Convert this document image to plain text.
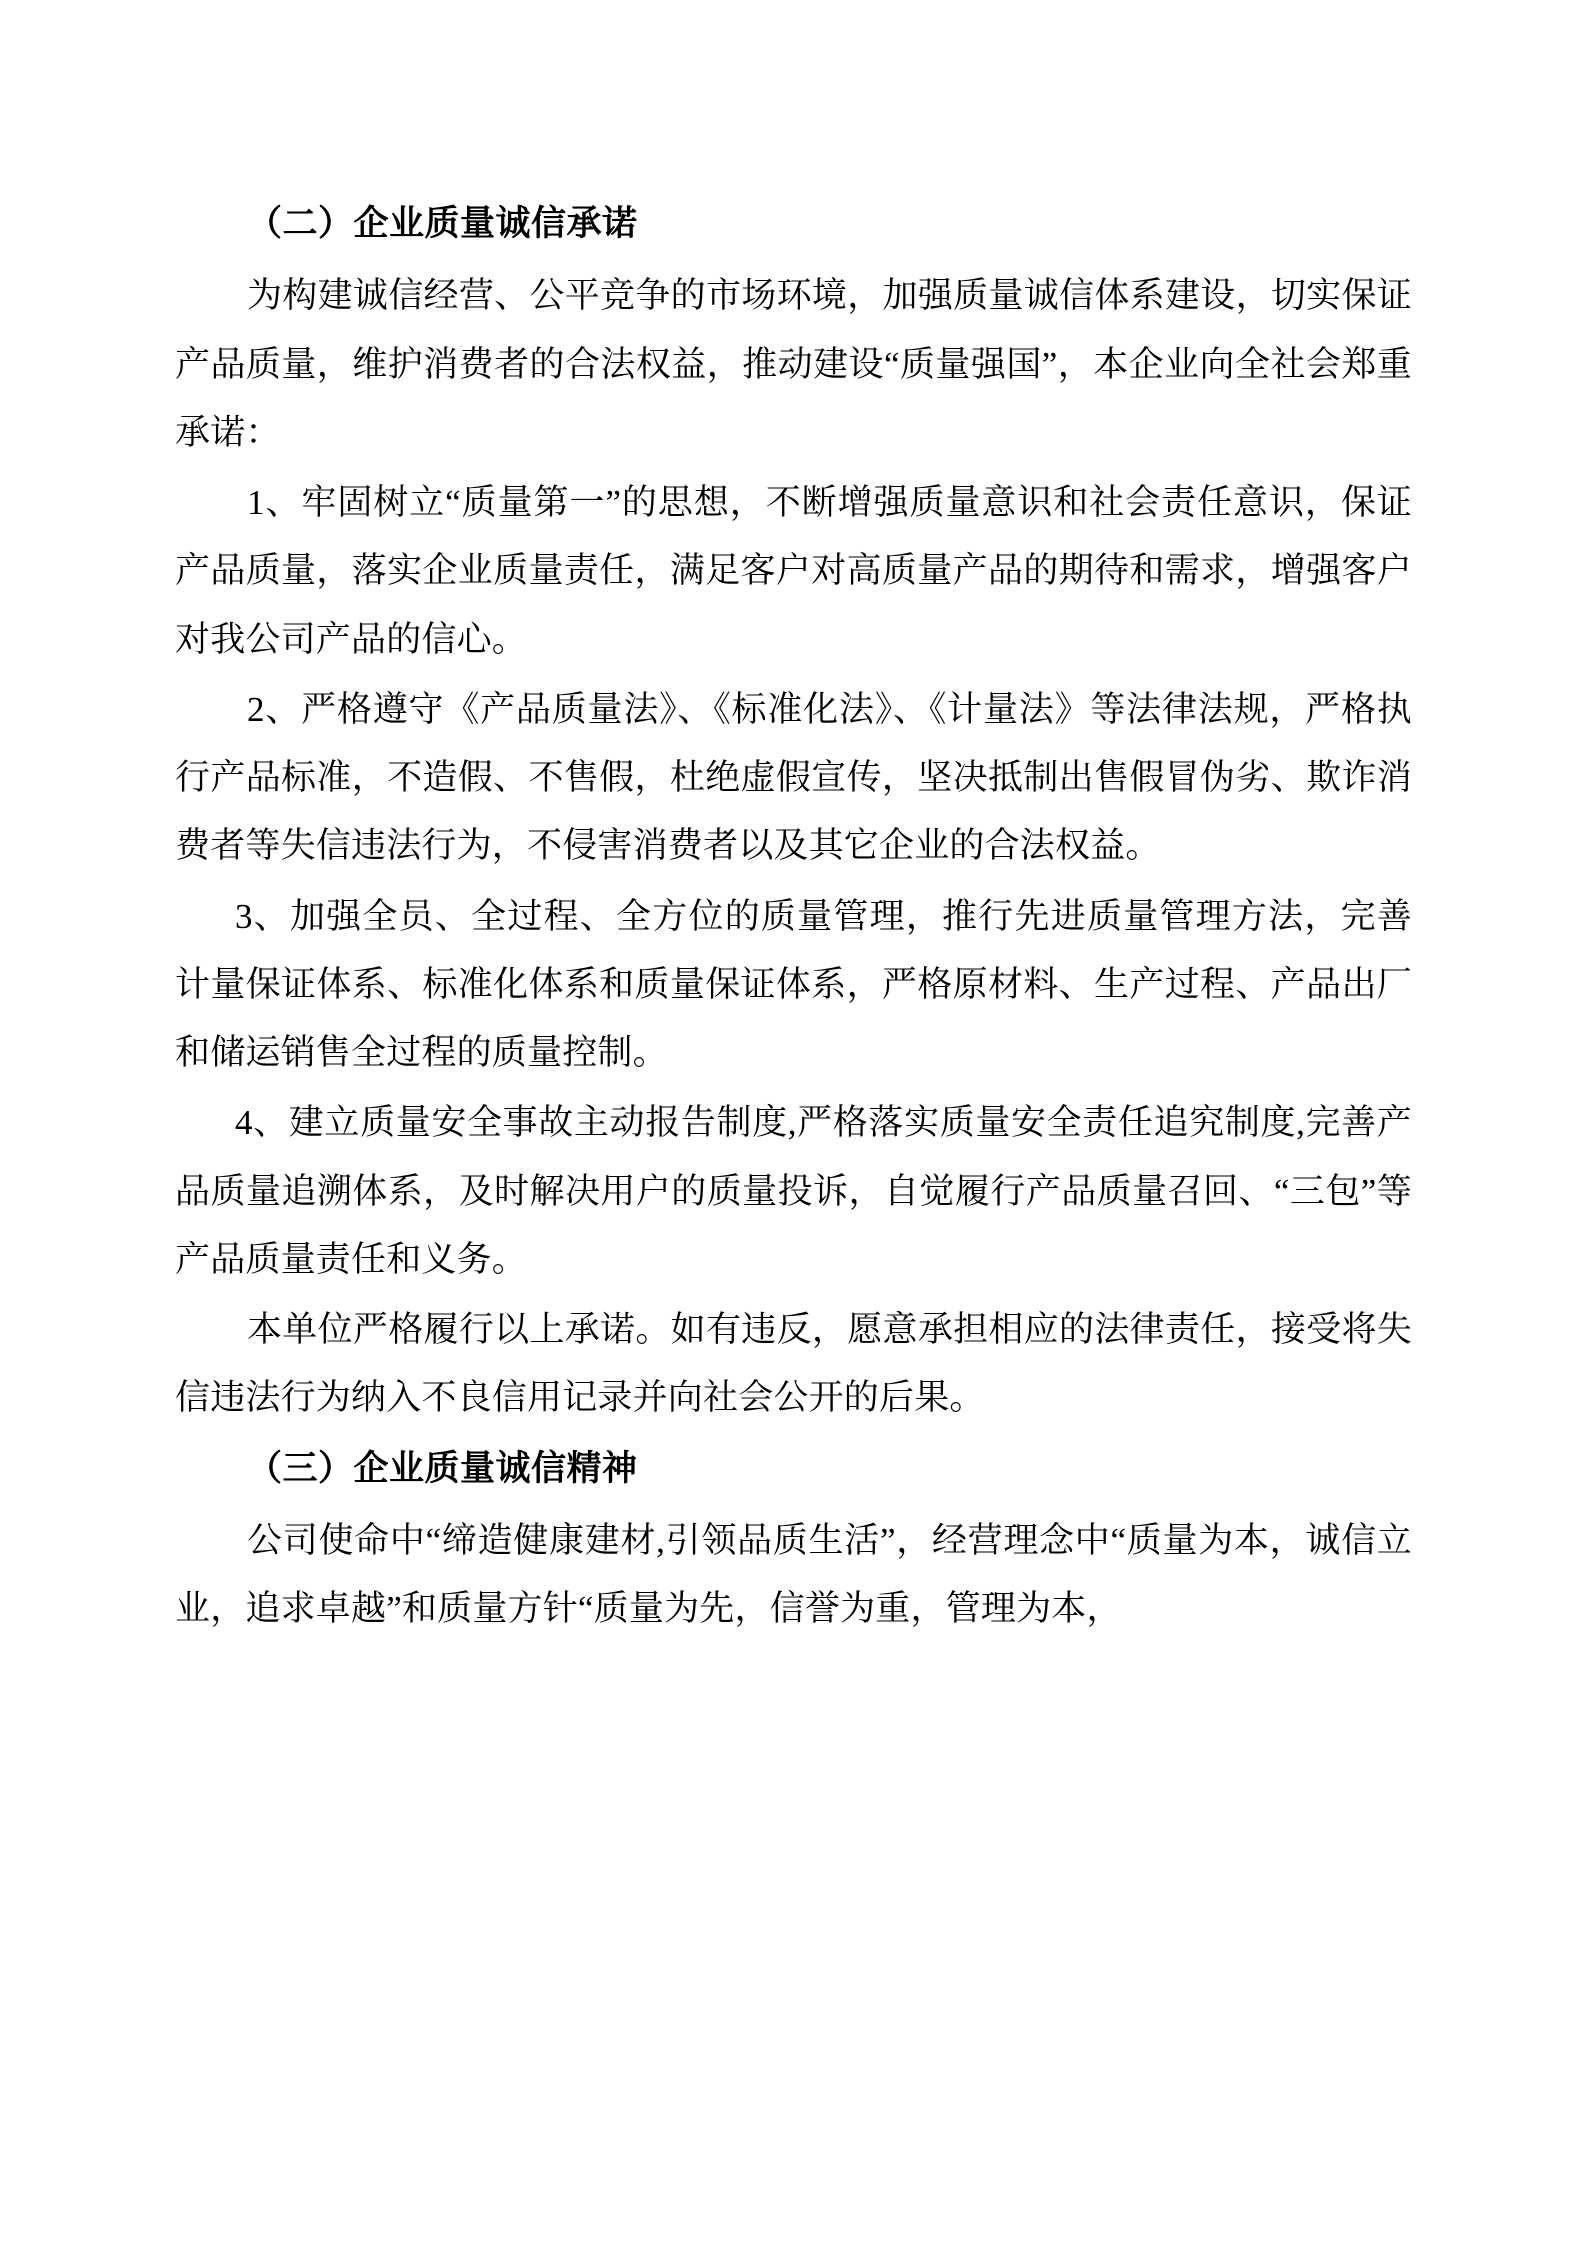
（二）企业质量诚信承诺

为构建诚信经营、公平竞争的市场环境，加强质量诚信体系建设，切实保证产品质量，维护消费者的合法权益，推动建设“质量强国”，本企业向全社会郑重承诺：

1、牢固树立“质量第一”的思想，不断增强质量意识和社会责任意识，保证产品质量，落实企业质量责任，满足客户对高质量产品的期待和需求，增强客户对我公司产品的信心。

2、严格遵守《产品质量法》、《标准化法》、《计量法》等法律法规，严格执行产品标准，不造假、不售假，杜绝虚假宣传，坚决抵制出售假冒伪劣、欺诈消费者等失信违法行为，不侵害消费者以及其它企业的合法权益。

3、加强全员、全过程、全方位的质量管理，推行先进质量管理方法，完善计量保证体系、标准化体系和质量保证体系，严格原材料、生产过程、产品出厂和储运销售全过程的质量控制。

4、建立质量安全事故主动报告制度,严格落实质量安全责任追究制度,完善产品质量追溯体系，及时解决用户的质量投诉，自觉履行产品质量召回、“三包”等产品质量责任和义务。

本单位严格履行以上承诺。如有违反，愿意承担相应的法律责任，接受将失信违法行为纳入不良信用记录并向社会公开的后果。

（三）企业质量诚信精神

公司使命中“缔造健康建材,引领品质生活”，经营理念中“质量为本，诚信立业，追求卓越”和质量方针“质量为先，信誉为重，管理为本，
